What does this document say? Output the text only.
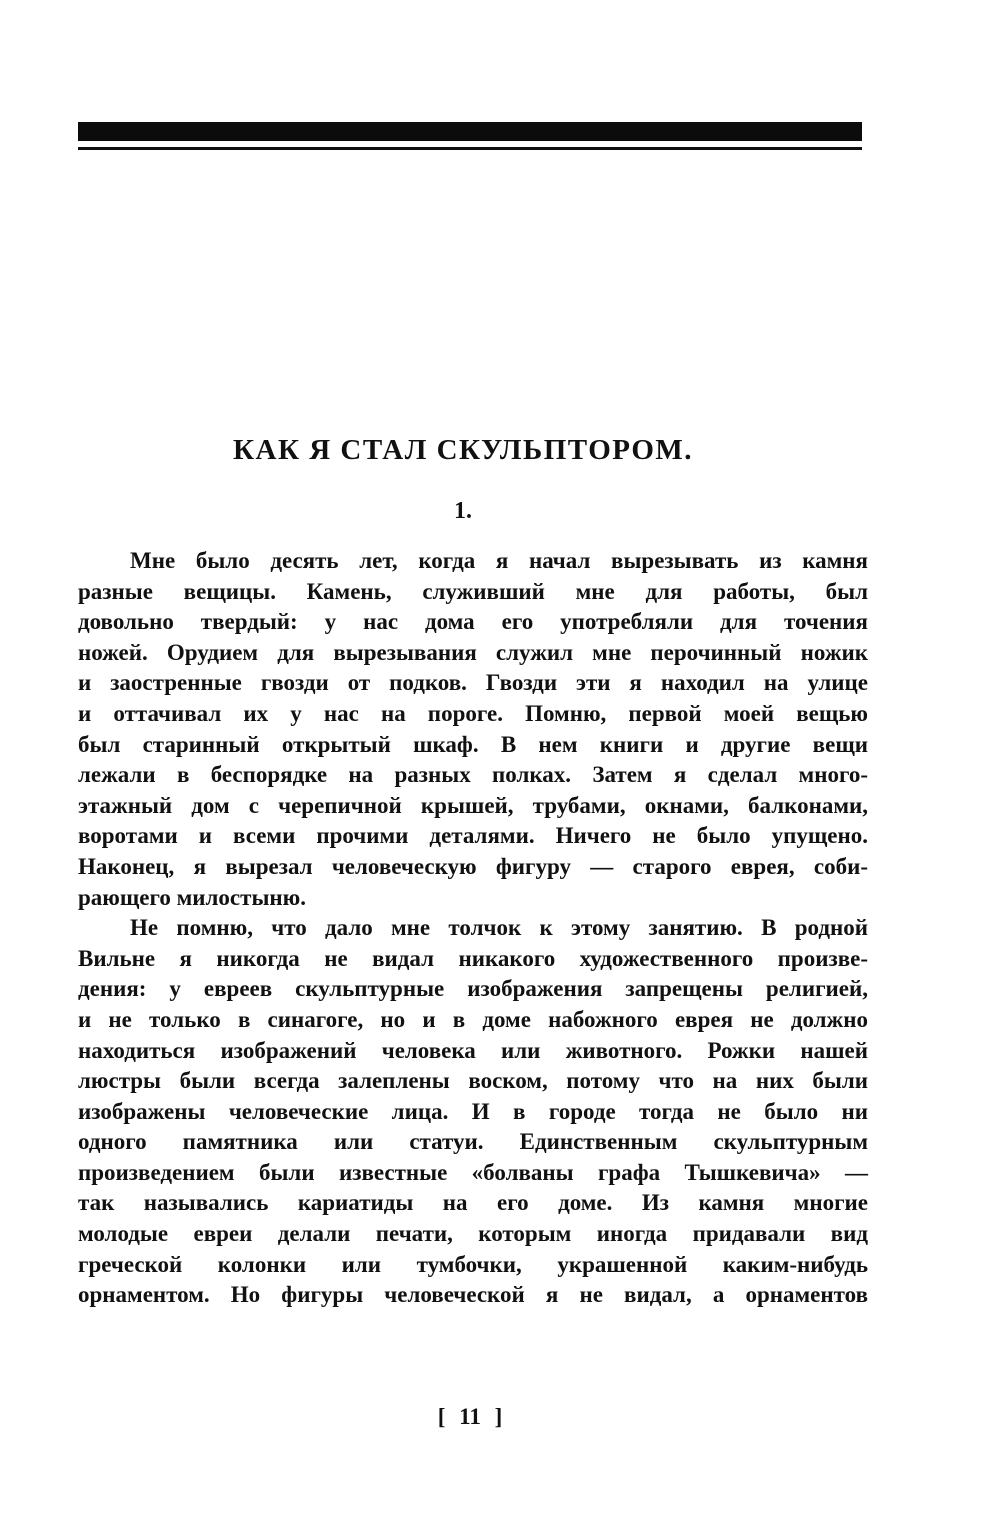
КАК Я СТАЛ СКУЛЬПТОРОМ.
1.
Мне было десять лет, когда я начал вырезывать из камня
разные вещицы. Камень, служивший мне для работы, был
довольно твердый: у нас дома его употребляли для точения
ножей. Орудием для вырезывания служил мне перочинный ножик
и заостренные гвозди от подков. Гвозди эти я находил на улице
и оттачивал их у нас на пороге. Помню, первой моей вещью
был старинный открытый шкаф. В нем книги и другие вещи
лежали в беспорядке на разных полках. Затем я сделал много-
этажный дом с черепичной крышей, трубами, окнами, балконами,
воротами и всеми прочими деталями. Ничего не было упущено.
Наконец, я вырезал человеческую фигуру — старого еврея, соби-
рающего милостыню.
Не помню, что дало мне толчок к этому занятию. В родной
Вильне я никогда не видал никакого художественного произве-
дения: у евреев скульптурные изображения запрещены религией,
и не только в синагоге, но и в доме набожного еврея не должно
находиться изображений человека или животного. Рожки нашей
люстры были всегда залеплены воском, потому что на них были
изображены человеческие лица. И в городе тогда не было ни
одного памятника или статуи. Единственным скульптурным
произведением были известные «болваны графа Тышкевича» —
так назывались кариатиды на его доме. Из камня многие
молодые евреи делали печати, которым иногда придавали вид
греческой колонки или тумбочки, украшенной каким-нибудь
орнаментом. Но фигуры человеческой я не видал, а орнаментов
[ 11 ]
